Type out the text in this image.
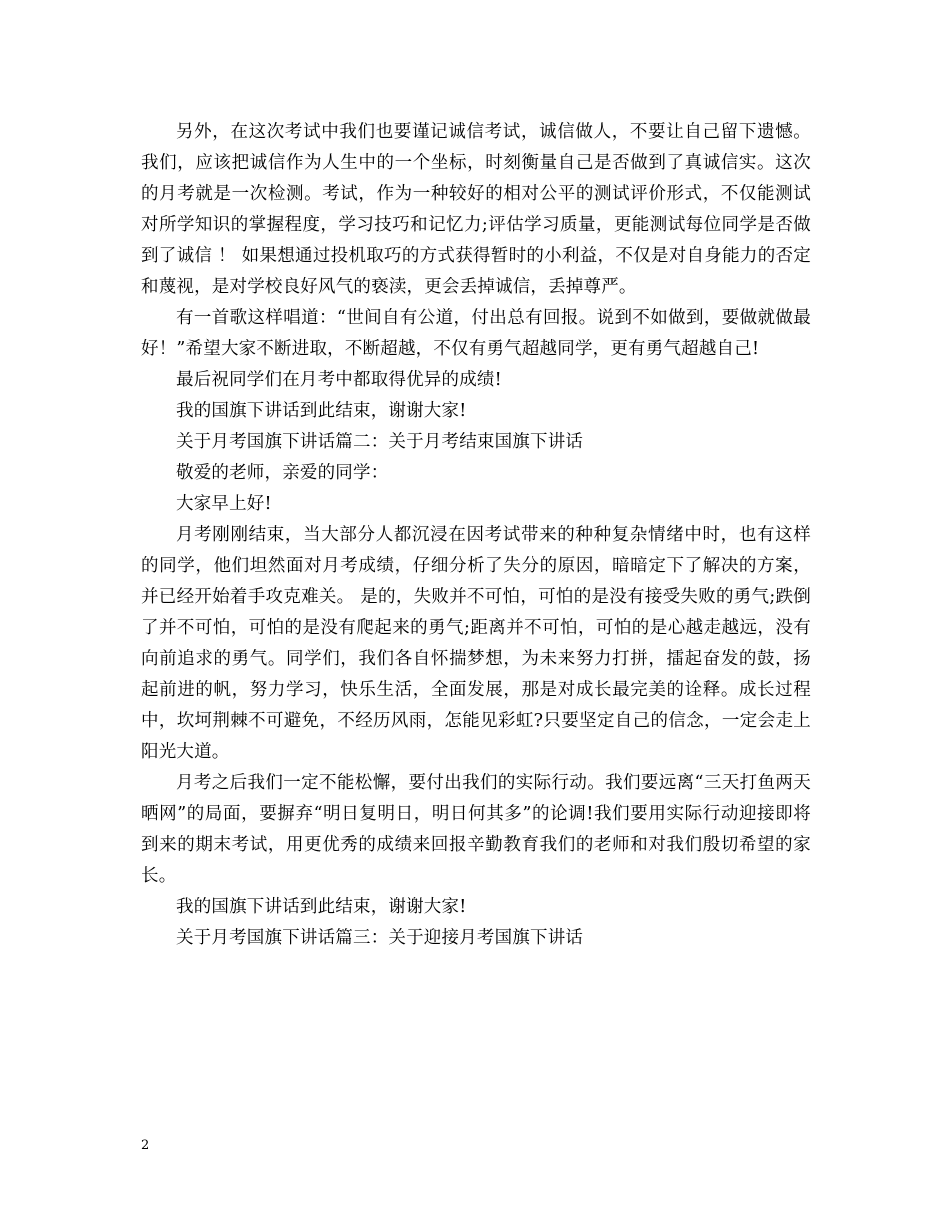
另外，在这次考试中我们也要谨记诚信考试，诚信做人，不要让自己留下遗憾。我们，应该把诚信作为人生中的一个坐标，时刻衡量自己是否做到了真诚信实。这次的月考就是一次检测。考试，作为一种较好的相对公平的测试评价形式，不仅能测试对所学知识的掌握程度，学习技巧和记忆力;评估学习质量，更能测试每位同学是否做到了诚信 ！ 如果想通过投机取巧的方式获得暂时的小利益，不仅是对自身能力的否定和蔑视，是对学校良好风气的亵渎，更会丢掉诚信，丢掉尊严。

有一首歌这样唱道：“世间自有公道，付出总有回报。说到不如做到，要做就做最好！”希望大家不断进取，不断超越，不仅有勇气超越同学，更有勇气超越自己!

最后祝同学们在月考中都取得优异的成绩!

我的国旗下讲话到此结束，谢谢大家!

关于月考国旗下讲话篇二：关于月考结束国旗下讲话

敬爱的老师，亲爱的同学：

大家早上好!

月考刚刚结束，当大部分人都沉浸在因考试带来的种种复杂情绪中时，也有这样的同学，他们坦然面对月考成绩，仔细分析了失分的原因，暗暗定下了解决的方案，并已经开始着手攻克难关。 是的，失败并不可怕，可怕的是没有接受失败的勇气;跌倒了并不可怕，可怕的是没有爬起来的勇气;距离并不可怕，可怕的是心越走越远，没有向前追求的勇气。同学们，我们各自怀揣梦想，为未来努力打拼，擂起奋发的鼓，扬起前进的帆，努力学习，快乐生活，全面发展，那是对成长最完美的诠释。成长过程中，坎坷荆棘不可避免，不经历风雨，怎能见彩虹?只要坚定自己的信念，一定会走上阳光大道。

月考之后我们一定不能松懈，要付出我们的实际行动。我们要远离“三天打鱼两天晒网”的局面，要摒弃“明日复明日，明日何其多”的论调!我们要用实际行动迎接即将到来的期末考试，用更优秀的成绩来回报辛勤教育我们的老师和对我们殷切希望的家长。

我的国旗下讲话到此结束，谢谢大家!

关于月考国旗下讲话篇三：关于迎接月考国旗下讲话

2
